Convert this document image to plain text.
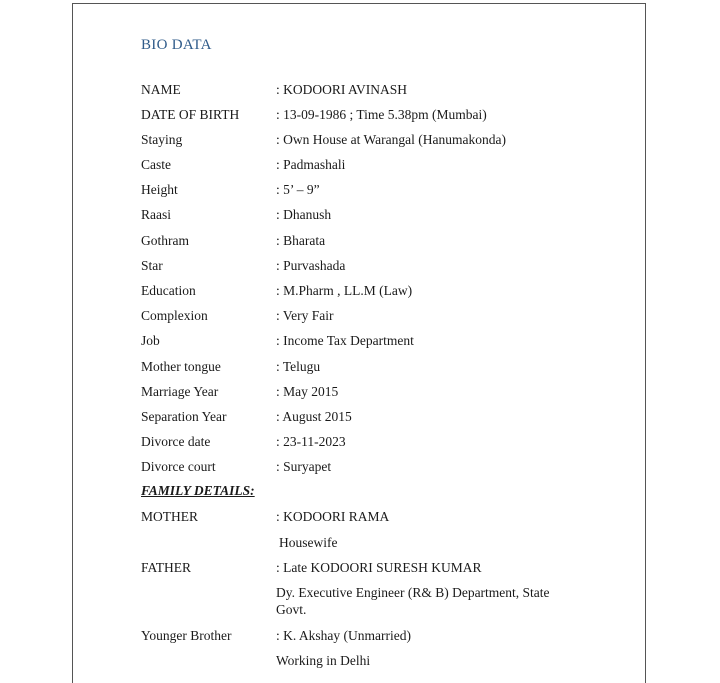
BIO DATA
NAME	: KODOORI AVINASH
DATE OF BIRTH	: 13-09-1986 ; Time 5.38pm (Mumbai)
Staying	: Own House at Warangal (Hanumakonda)
Caste	: Padmashali
Height	: 5’ – 9”
Raasi	: Dhanush
Gothram	: Bharata
Star	: Purvashada
Education	: M.Pharm , LL.M (Law)
Complexion	: Very Fair
Job	: Income Tax Department
Mother tongue	: Telugu
Marriage Year	: May 2015
Separation Year	: August 2015
Divorce date	: 23-11-2023
Divorce court	: Suryapet
FAMILY DETAILS:
MOTHER	: KODOORI RAMA
Housewife
FATHER	: Late KODOORI SURESH KUMAR
Dy. Executive Engineer (R& B) Department, State Govt.
Younger Brother	: K. Akshay (Unmarried)
Working in Delhi
